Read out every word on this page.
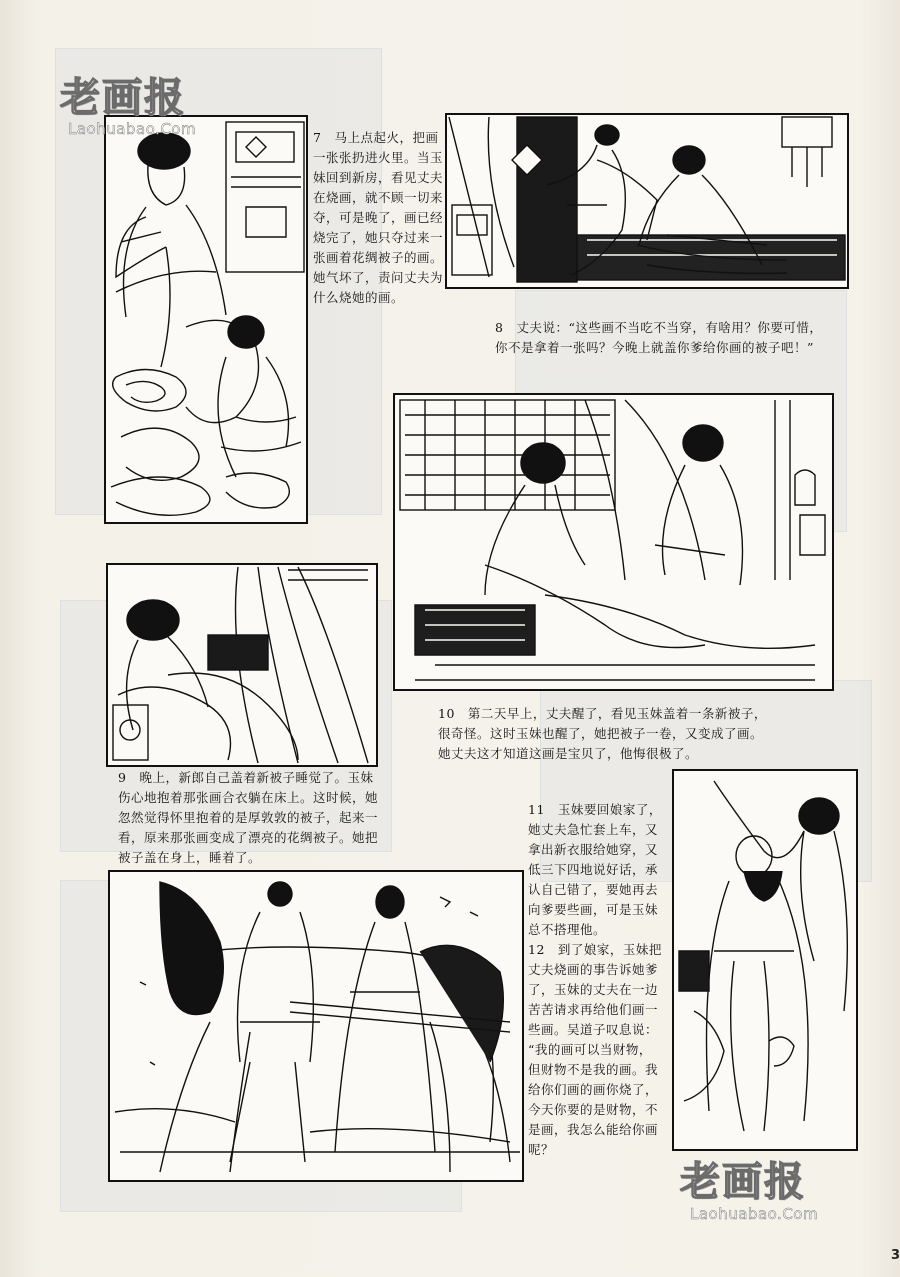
7　马上点起火，把画
一张张扔进火里。当玉
妹回到新房，看见丈夫
在烧画，就不顾一切来
夺，可是晚了，画已经
烧完了，她只夺过来一
张画着花绸被子的画。
她气坏了，责问丈夫为
什么烧她的画。
8　丈夫说：“这些画不当吃不当穿，有啥用？你要可惜，
你不是拿着一张吗？今晚上就盖你爹给你画的被子吧！”
10　第二天早上，丈夫醒了，看见玉妹盖着一条新被子，
很奇怪。这时玉妹也醒了，她把被子一卷，又变成了画。
她丈夫这才知道这画是宝贝了，他悔很极了。
9　晚上，新郎自己盖着新被子睡觉了。玉妹
伤心地抱着那张画合衣躺在床上。这时候，她
忽然觉得怀里抱着的是厚敦敦的被子，起来一
看，原来那张画变成了漂亮的花绸被子。她把
被子盖在身上，睡着了。
11　玉妹要回娘家了，
她丈夫急忙套上车，又
拿出新衣服给她穿，又
低三下四地说好话，承
认自己错了，要她再去
向爹要些画，可是玉妹
总不搭理他。
12　到了娘家，玉妹把
丈夫烧画的事告诉她爹
了，玉妹的丈夫在一边
苦苦请求再给他们画一
些画。吴道子叹息说：
“我的画可以当财物，
但财物不是我的画。我
给你们画的画你烧了，
今天你要的是财物，不
是画，我怎么能给你画
呢？
老画报
Laohuabao.Com
老画报
Laohuabao.Com
3
